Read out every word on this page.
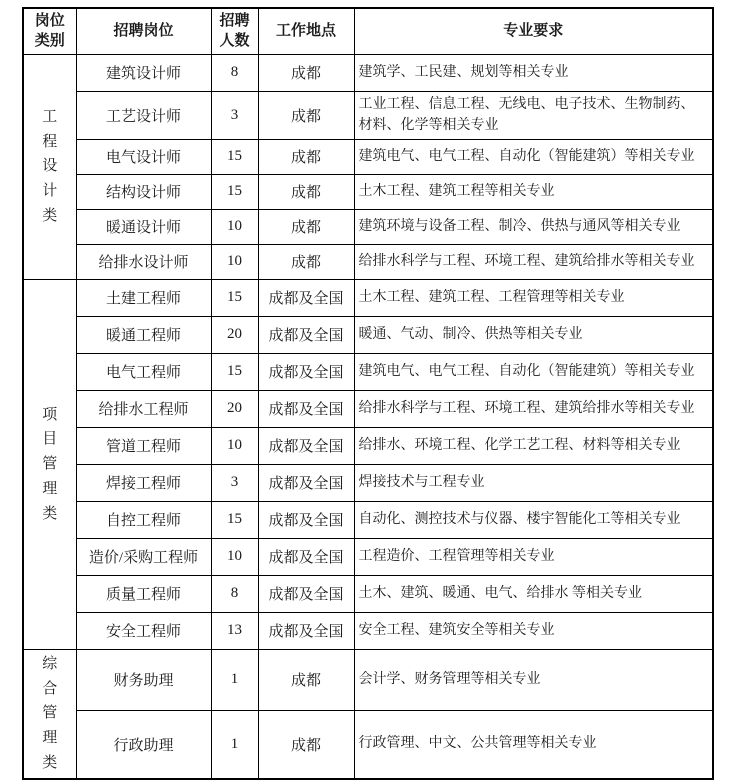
岗位类别	招聘岗位	招聘人数	工作地点	专业要求
工程设计类	建筑设计师	8	成都	建筑学、工民建、规划等相关专业
	工艺设计师	3	成都	工业工程、信息工程、无线电、电子技术、生物制药、材料、化学等相关专业
	电气设计师	15	成都	建筑电气、电气工程、自动化（智能建筑）等相关专业
	结构设计师	15	成都	土木工程、建筑工程等相关专业
	暖通设计师	10	成都	建筑环境与设备工程、制冷、供热与通风等相关专业
	给排水设计师	10	成都	给排水科学与工程、环境工程、建筑给排水等相关专业
项目管理类	土建工程师	15	成都及全国	土木工程、建筑工程、工程管理等相关专业
	暖通工程师	20	成都及全国	暖通、气动、制冷、供热等相关专业
	电气工程师	15	成都及全国	建筑电气、电气工程、自动化（智能建筑）等相关专业
	给排水工程师	20	成都及全国	给排水科学与工程、环境工程、建筑给排水等相关专业
	管道工程师	10	成都及全国	给排水、环境工程、化学工艺工程、材料等相关专业
	焊接工程师	3	成都及全国	焊接技术与工程专业
	自控工程师	15	成都及全国	自动化、测控技术与仪器、楼宇智能化工等相关专业
	造价/采购工程师	10	成都及全国	工程造价、工程管理等相关专业
	质量工程师	8	成都及全国	土木、建筑、暖通、电气、给排水 等相关专业
	安全工程师	13	成都及全国	安全工程、建筑安全等相关专业
综合管理类	财务助理	1	成都	会计学、财务管理等相关专业
	行政助理	1	成都	行政管理、中文、公共管理等相关专业
